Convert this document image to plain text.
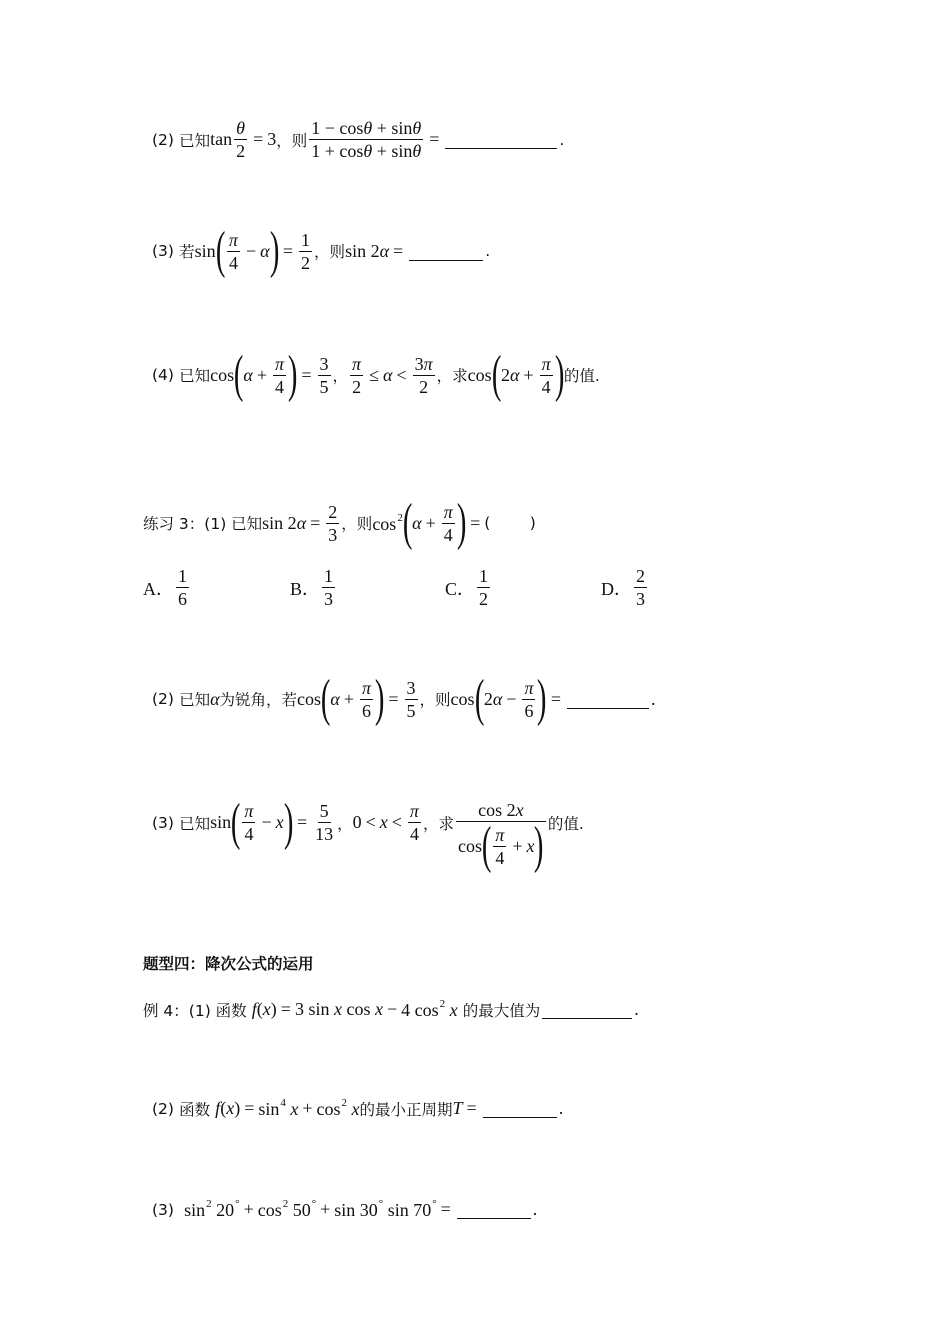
(2)
已知 $\tan \frac{\theta}{2} = 3$ ，则 $\frac{1 - \cos\theta + \sin\theta}{1 + \cos\theta + \sin\theta}$ =	.
(3)
若 sin ( $\frac{\pi}{4} - \alpha$ ) = $\frac{1}{2}$ ，则 sin 2 α =	.
(4)
已知 cos ( $\alpha + \frac{\pi}{4}$ ) = $\frac{3}{5}$ ， $\frac{\pi}{2} \le \alpha < \frac{3\pi}{2}$ ，求 cos ( 2 $\alpha + \frac{\pi}{4}$ ) 的值.
练习 3：(1) 已知 sin 2 $\alpha = \frac{2}{3}$ ，则 $\cos^2$ ( $\alpha + \frac{\pi}{4}$ ) = (        )
A． $\frac{1}{6}$	B． $\frac{1}{3}$	C． $\frac{1}{2}$	D． $\frac{2}{3}$
(2)
已知 α 为锐角，若 cos ( $\alpha + \frac{\pi}{6}$ ) = $\frac{3}{5}$ ，则 cos ( 2 $\alpha - \frac{\pi}{6}$ ) =	.
(3)
已知 sin ( $\frac{\pi}{4} - x$ ) = $\frac{5}{13}$ ， $0 < x < \frac{\pi}{4}$ ，求 $\frac{\cos 2x}{\cos ( \frac{\pi}{4} + x )}$ 的值.
题型四：降次公式的运用
例 4：(1) 函数
f ( x ) = 3 sin x cos x − 4 $\cos^2 x$
的最大值为	.
(2)
函数
f ( x ) = $\sin^4 x + \cos^2 x$ 的最小正周期 T =	.
(3)
$\sin^2 20^\circ + \cos^2 50^\circ + \sin 30^\circ$ sin 70° =	.
